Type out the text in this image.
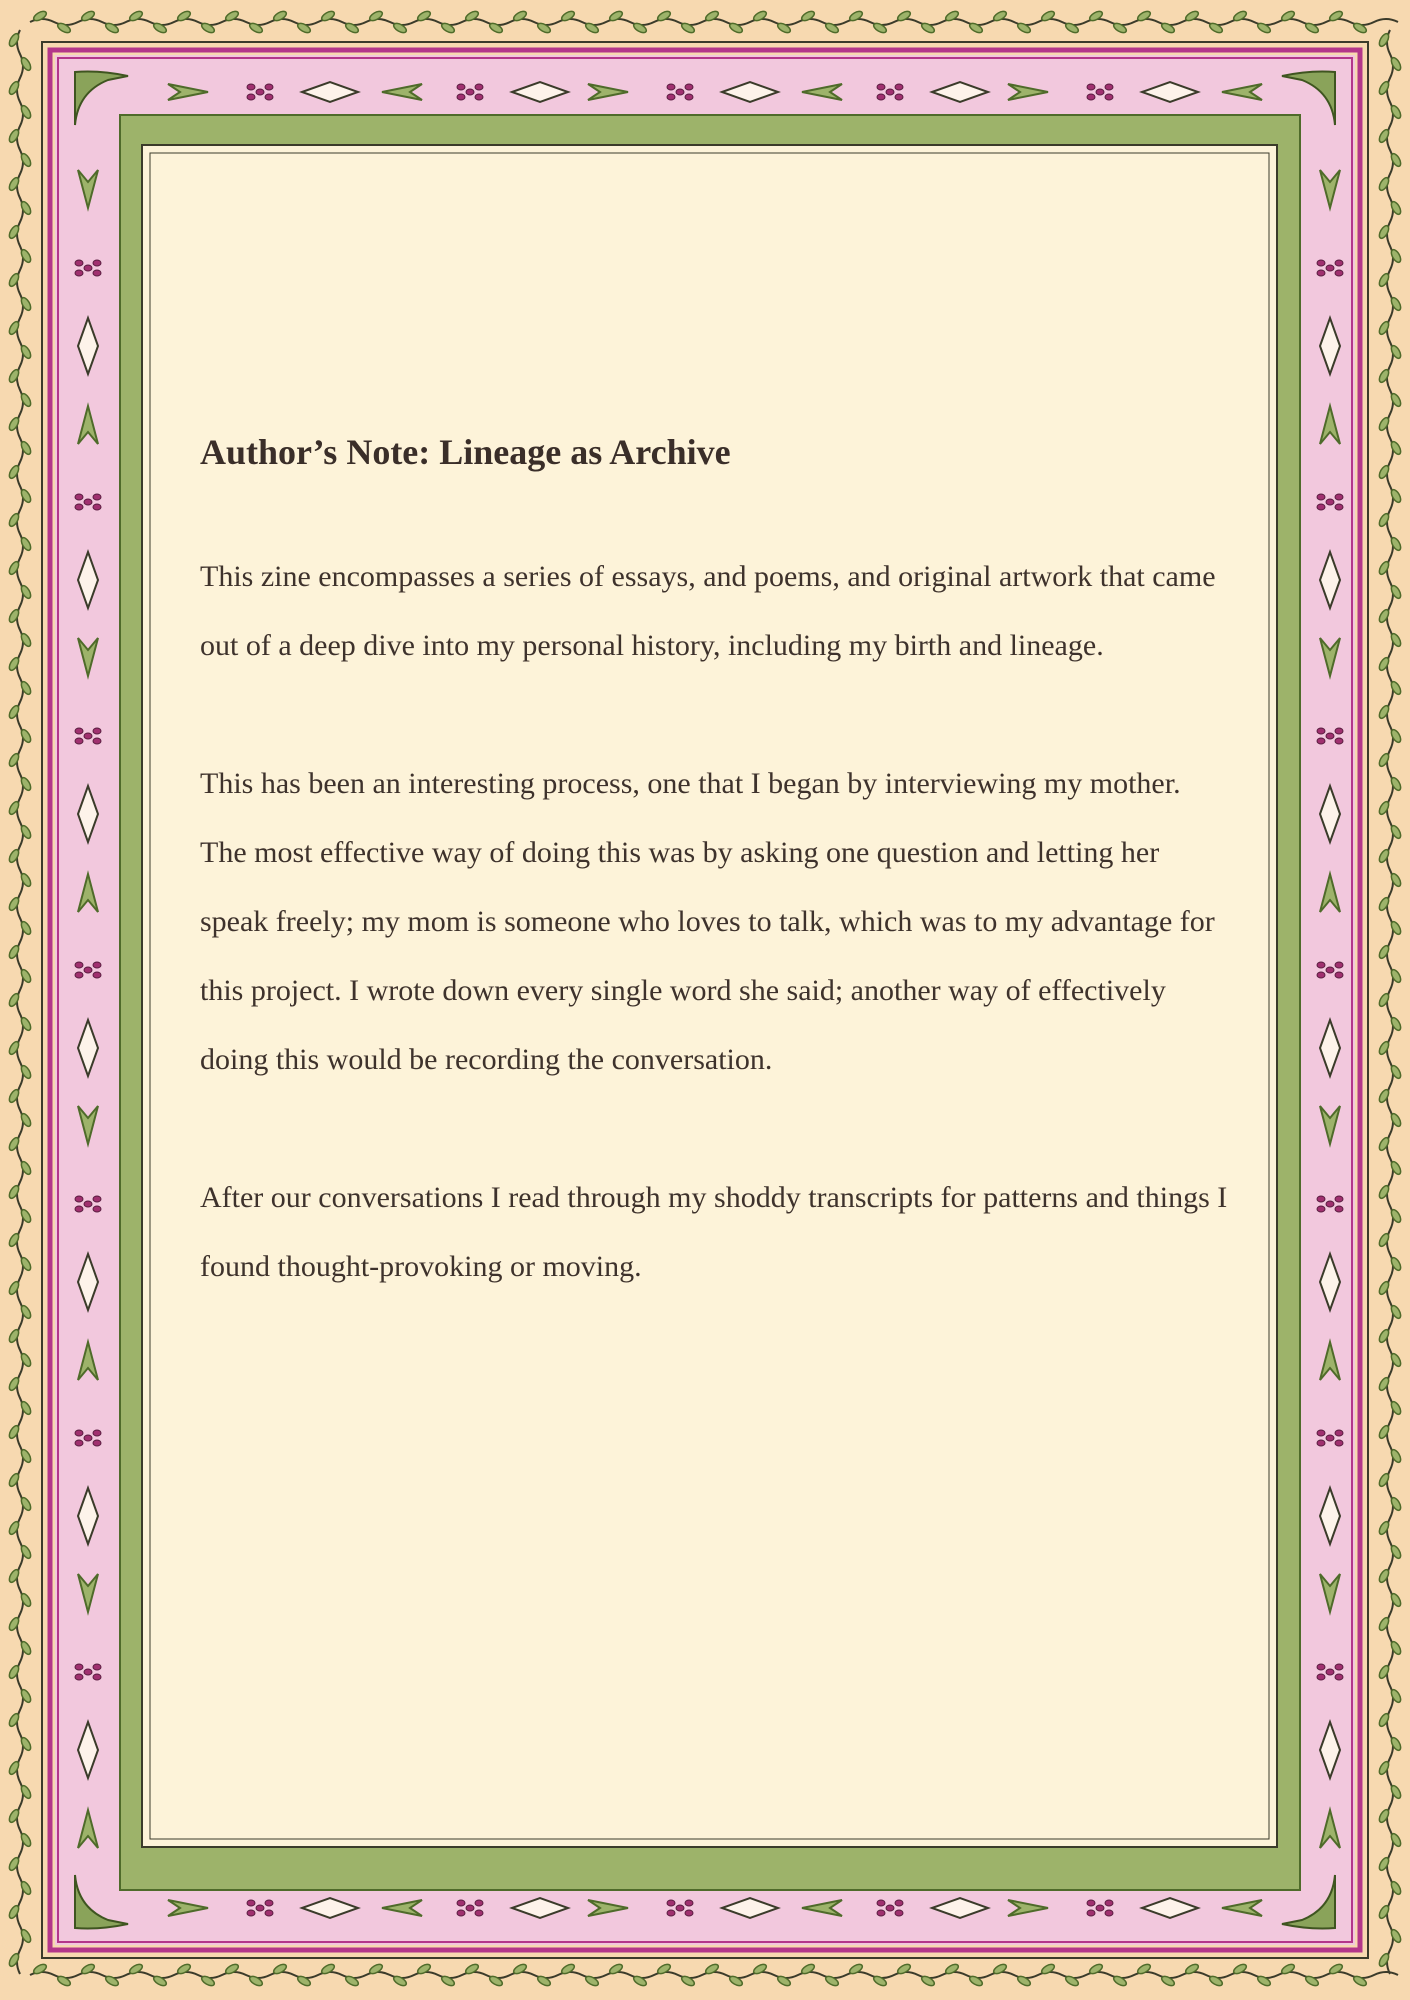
Author’s Note: Lineage as Archive

This zine encompasses a series of essays, and poems, and original artwork that came out of a deep dive into my personal history, including my birth and lineage.

This has been an interesting process, one that I began by interviewing my mother. The most effective way of doing this was by asking one question and letting her speak freely; my mom is someone who loves to talk, which was to my advantage for this project. I wrote down every single word she said; another way of effectively doing this would be recording the conversation.

After our conversations I read through my shoddy transcripts for patterns and things I found thought-provoking or moving.
